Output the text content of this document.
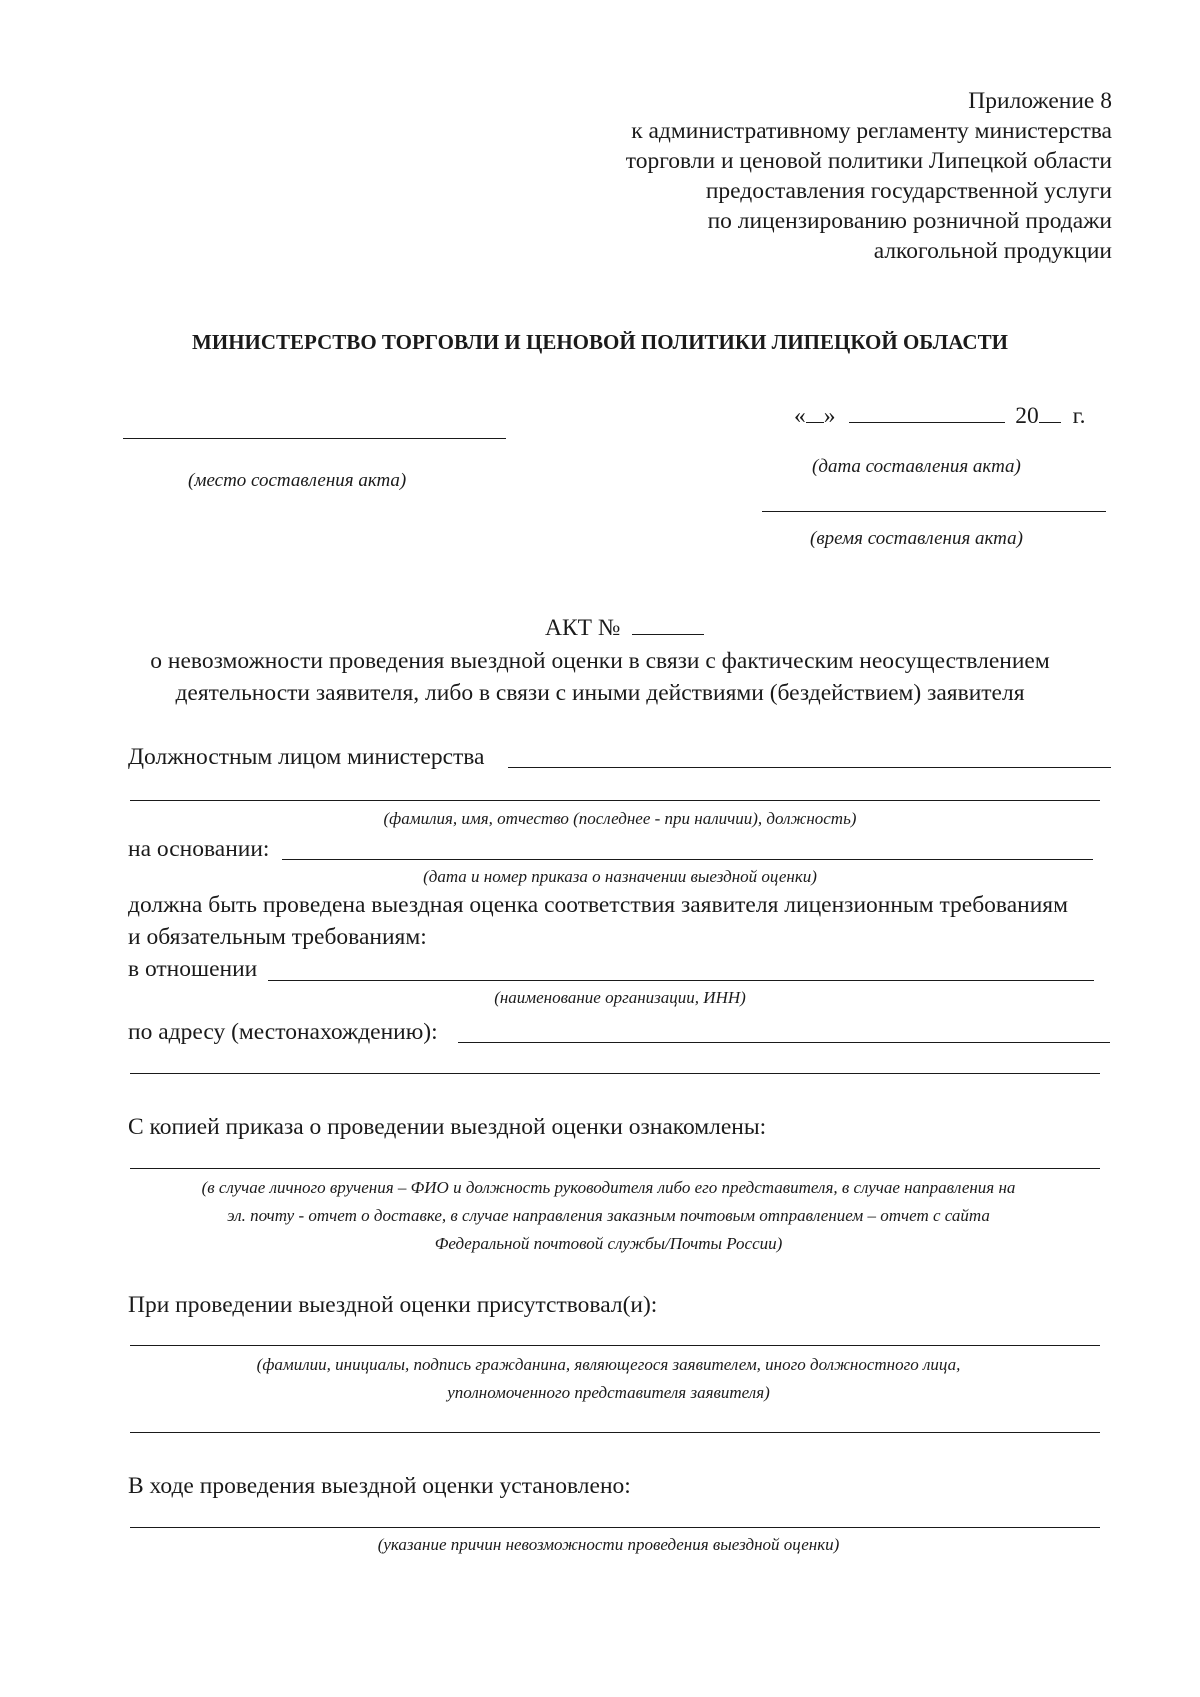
Приложение 8
к административному регламенту министерства
торговли и ценовой политики Липецкой области
предоставления государственной услуги
по лицензированию розничной продажи
алкогольной продукции
МИНИСТЕРСТВО ТОРГОВЛИ И ЦЕНОВОЙ ПОЛИТИКИ ЛИПЕЦКОЙ ОБЛАСТИ
(место составления акта)
« »	20 г.
(дата составления акта)
(время составления акта)
АКТ №
о невозможности проведения выездной оценки в связи с фактическим неосуществлением
деятельности заявителя, либо в связи с иными действиями (бездействием) заявителя
Должностным лицом министерства
(фамилия, имя, отчество (последнее - при наличии), должность)
на основании:
(дата и номер приказа о назначении выездной оценки)
должна быть проведена выездная оценка соответствия заявителя лицензионным требованиям
и обязательным требованиям:
в отношении
(наименование организации, ИНН)
по адресу (местонахождению):
С копией приказа о проведении выездной оценки ознакомлены:
(в случае личного вручения – ФИО и должность руководителя либо его представителя, в случае направления на
эл. почту - отчет о доставке, в случае направления заказным почтовым отправлением – отчет с сайта
Федеральной почтовой службы/Почты России)
При проведении выездной оценки присутствовал(и):
(фамилии, инициалы, подпись гражданина, являющегося заявителем, иного должностного лица,
уполномоченного представителя заявителя)
В ходе проведения выездной оценки установлено:
(указание причин невозможности проведения выездной оценки)
